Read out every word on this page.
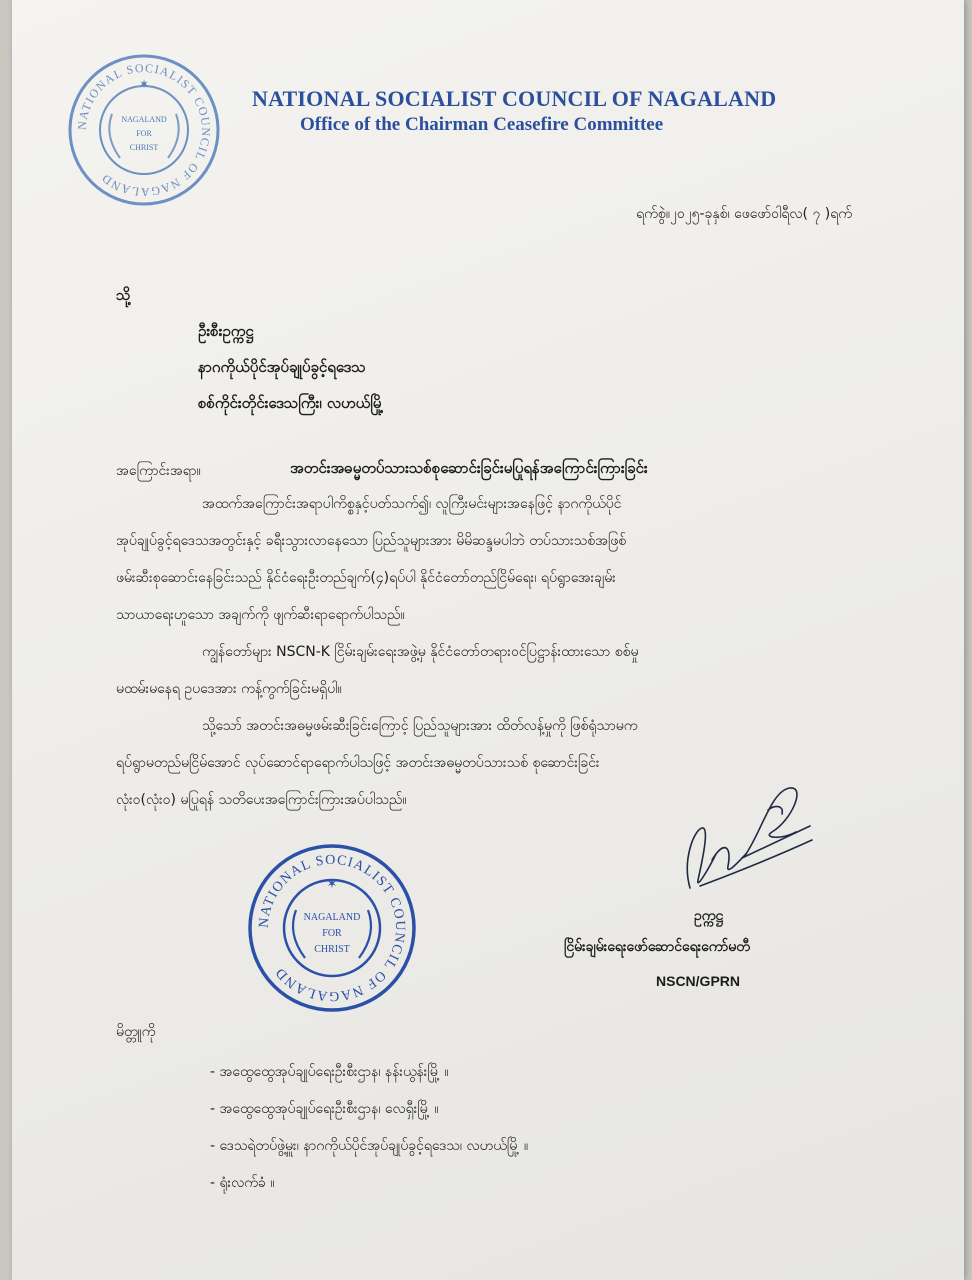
NATIONAL SOCIALIST COUNCIL OF NAGALAND
✶
NAGALAND
FOR
CHRIST
NATIONAL SOCIALIST COUNCIL OF NAGALAND
Office of the Chairman Ceasefire Committee
ရက်စွဲ။၂၀၂၅-ခုနှစ်၊ ဖေဖော်ဝါရီလ( ၇ )ရက်
သို့
ဦးစီးဥက္ကဋ္ဌ
နာဂကိုယ်ပိုင်အုပ်ချုပ်ခွင့်ရဒေသ
စစ်ကိုင်းတိုင်းဒေသကြီး၊ လဟယ်မြို့
အကြောင်းအရာ။	အတင်းအဓမ္မတပ်သားသစ်စုဆောင်းခြင်းမပြုရန်အကြောင်းကြားခြင်း
အထက်အကြောင်းအရာပါကိစ္စနှင့်ပတ်သက်၍၊ လူကြီးမင်းများအနေဖြင့် နာဂကိုယ်ပိုင်
အုပ်ချုပ်ခွင့်ရဒေသအတွင်းနှင့် ခရီးသွားလာနေသော ပြည်သူများအား မိမိဆန္ဒမပါဘဲ တပ်သားသစ်အဖြစ်
ဖမ်းဆီးစုဆောင်းနေခြင်းသည် နိုင်ငံရေးဦးတည်ချက်(၄)ရပ်ပါ နိုင်ငံတော်တည်ငြိမ်ရေး၊ ရပ်ရွာအေးချမ်း
သာယာရေးဟူသော အချက်ကို ဖျက်ဆီးရာရောက်ပါသည်။
ကျွန်တော်များ NSCN-K ငြိမ်းချမ်းရေးအဖွဲ့မှ နိုင်ငံတော်တရားဝင်ပြဋ္ဌာန်းထားသော စစ်မှု
မထမ်းမနေရ ဥပဒေအား ကန့်ကွက်ခြင်းမရှိပါ။
သို့သော် အတင်းအဓမ္မဖမ်းဆီးခြင်းကြောင့် ပြည်သူများအား ထိတ်လန့်မှုကို ဖြစ်ရုံသာမက
ရပ်ရွာမတည်မငြိမ်အောင် လုပ်ဆောင်ရာရောက်ပါသဖြင့် အတင်းအဓမ္မတပ်သားသစ် စုဆောင်းခြင်း
လုံးဝ(လုံးဝ) မပြုရန် သတိပေးအကြောင်းကြားအပ်ပါသည်။
NATIONAL SOCIALIST COUNCIL OF NAGALAND
✶
NAGALAND
FOR
CHRIST
ဥက္ကဋ္ဌ
ငြိမ်းချမ်းရေးဖော်ဆောင်ရေးကော်မတီ
NSCN/GPRN
မိတ္တူကို
- အထွေထွေအုပ်ချုပ်ရေးဦးစီးဌာန၊ နန်းယွန်းမြို့ ။
- အထွေထွေအုပ်ချုပ်ရေးဦးစီးဌာန၊ လေရှီးမြို့ ။
- ဒေသရဲတပ်ဖွဲ့မှူး၊ နာဂကိုယ်ပိုင်အုပ်ချုပ်ခွင့်ရဒေသ၊ လဟယ်မြို့ ။
- ရုံးလက်ခံ ။
